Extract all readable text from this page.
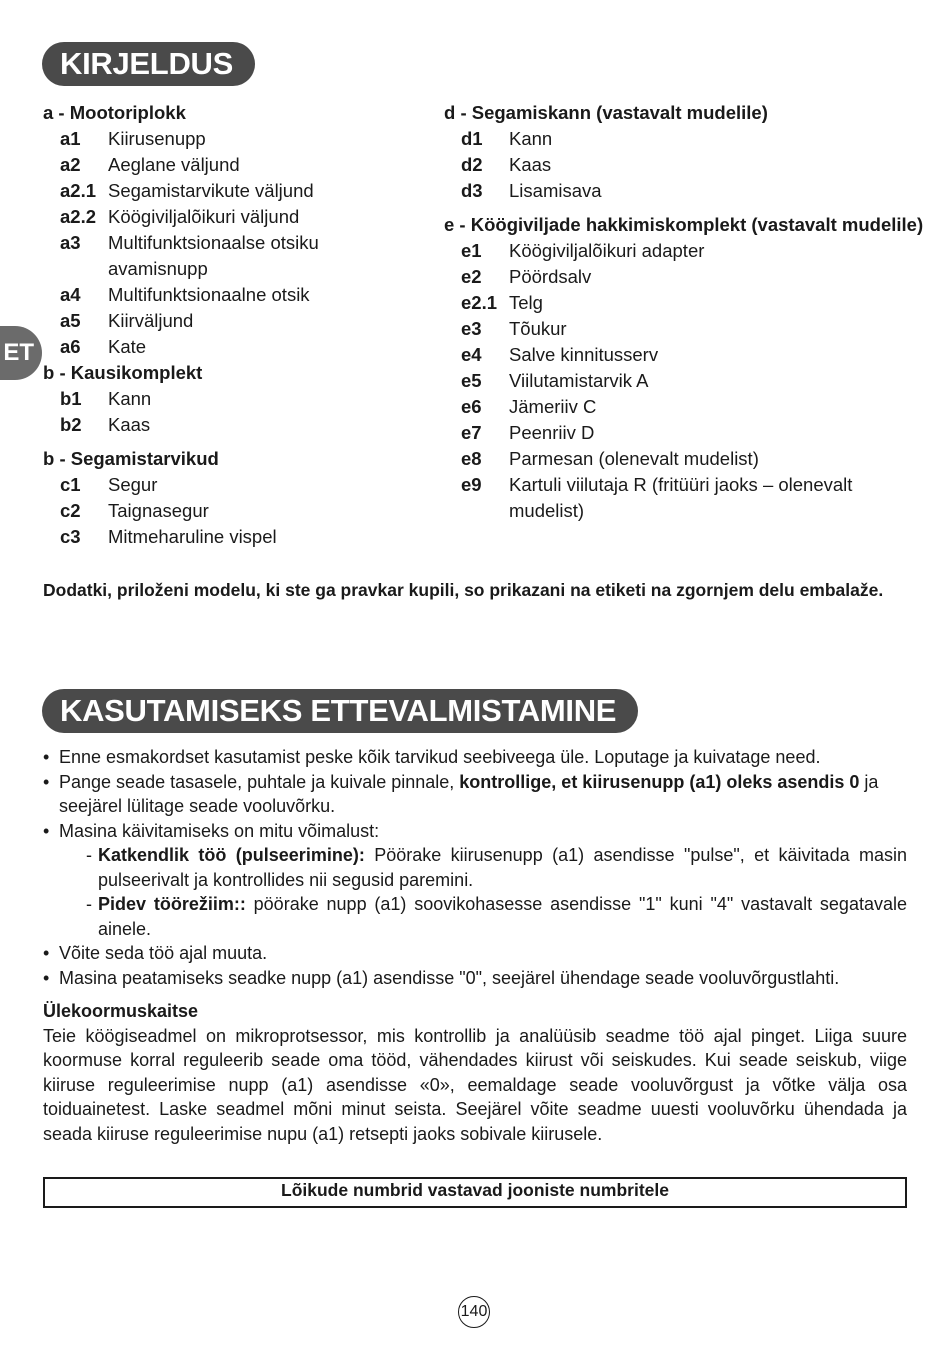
KIRJELDUS
ET
a - Mootoriplokk
a1	Kiirusenupp
a2	Aeglane väljund
a2.1 Segamistarvikute väljund
a2.2 Köögiviljalõikuri väljund
a3	Multifunktsionaalse otsiku avamisnupp
a4	Multifunktsionaalne otsik
a5	Kiirväljund
a6	Kate
b - Kausikomplekt
b1	Kann
b2	Kaas
b - Segamistarvikud
c1	Segur
c2	Taignasegur
c3	Mitmeharuline vispel
d - Segamiskann (vastavalt mudelile)
d1	Kann
d2	Kaas
d3	Lisamisava
e - Köögiviljade hakkimiskomplekt (vastavalt mudelile)
e1	Köögiviljalõikuri adapter
e2	Pöördsalv
e2.1 Telg
e3	Tõukur
e4	Salve kinnitusserv
e5	Viilutamistarvik A
e6	Jämeriiv C
e7	Peenriiv D
e8	Parmesan (olenevalt mudelist)
e9	Kartuli viilutaja R (fritüüri jaoks – olenevalt mudelist)
Dodatki, priloženi modelu, ki ste ga pravkar kupili, so prikazani na etiketi na zgornjem delu embalaže.
KASUTAMISEKS ETTEVALMISTAMINE
• Enne esmakordset kasutamist peske kõik tarvikud seebiveega üle. Loputage ja kuivatage need.
• Pange seade tasasele, puhtale ja kuivale pinnale, kontrollige, et kiirusenupp (a1) oleks asendis 0 ja seejärel lülitage seade vooluvõrku.
• Masina käivitamiseks on mitu võimalust:
- Katkendlik töö (pulseerimine): Pöörake kiirusenupp (a1) asendisse "pulse", et käivitada masin pulseerivalt ja kontrollides nii segusid paremini.
- Pidev töörežiim:: pöörake nupp (a1) soovikohasesse asendisse "1" kuni "4" vastavalt segatavale ainele.
• Võite seda töö ajal muuta.
• Masina peatamiseks seadke nupp (a1) asendisse "0", seejärel ühendage seade vooluvõrgustlahti.
Ülekoormuskaitse
Teie köögiseadmel on mikroprotsessor, mis kontrollib ja analüüsib seadme töö ajal pinget. Liiga suure koormuse korral reguleerib seade oma tööd, vähendades kiirust või seiskudes. Kui seade seiskub, viige kiiruse reguleerimise nupp (a1) asendisse «0», eemaldage seade vooluvõrgust ja võtke välja osa toiduainetest. Laske seadmel mõni minut seista. Seejärel võite seadme uuesti vooluvõrku ühendada ja seada kiiruse reguleerimise nupu (a1) retsepti jaoks sobivale kiirusele.
Lõikude numbrid vastavad jooniste numbritele
140
